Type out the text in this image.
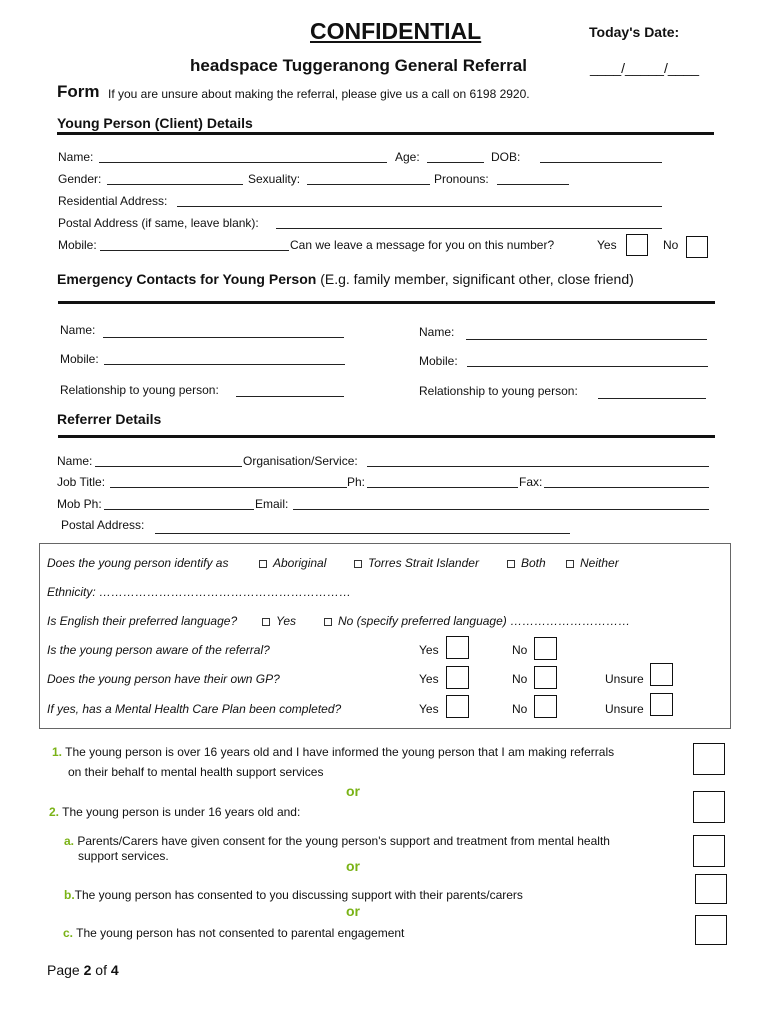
CONFIDENTIAL	Today's Date:
headspace Tuggeranong General Referral	____/_____/____
Form If you are unsure about making the referral, please give us a call on 6198 2920.
Young Person (Client) Details
Name:	Age:	DOB:
Gender:	Sexuality:	Pronouns:
Residential Address:
Postal Address (if same, leave blank):
Mobile:	Can we leave a message for you on this number?	Yes	No
Emergency Contacts for Young Person (E.g. family member, significant other, close friend)
Name:	Name:
Mobile:	Mobile:
Relationship to young person:	Relationship to young person:
Referrer Details
Name:	Organisation/Service:
Job Title:	Ph:	Fax:
Mob Ph:	Email:
Postal Address:
Does the young person identify as	Aboriginal	Torres Strait Islander	Both	Neither
Ethnicity: ………………………………………………………
Is English their preferred language?	Yes	No (specify preferred language) …………………………
Is the young person aware of the referral?	Yes	No
Does the young person have their own GP?	Yes	No	Unsure
If yes, has a Mental Health Care Plan been completed?	Yes	No	Unsure
1. The young person is over 16 years old and I have informed the young person that I am making referrals
on their behalf to mental health support services
or
2. The young person is under 16 years old and:
a. Parents/Carers have given consent for the young person's support and treatment from mental health
support services.
or
b.The young person has consented to you discussing support with their parents/carers
or
c. The young person has not consented to parental engagement
Page 2 of 4
